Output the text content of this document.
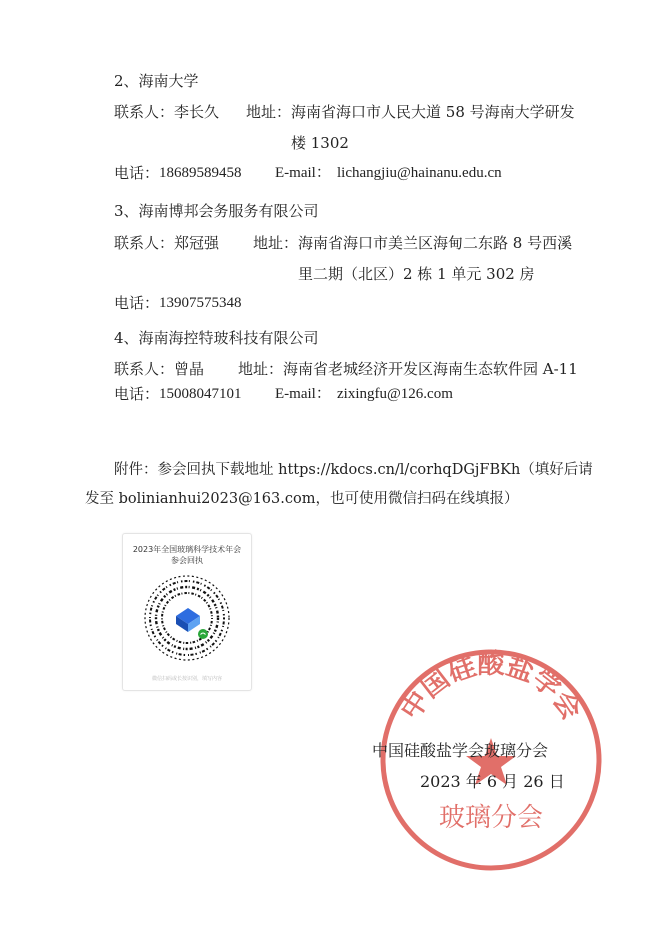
2、海南大学
联系人： 李长久 地址： 海南省海口市人民大道 58 号海南大学研发
楼 1302
电话： 18689589458 E-mail： lichangjiu@hainanu.edu.cn
3、海南博邦会务服务有限公司
联系人： 郑冠强 地址： 海南省海口市美兰区海甸二东路 8 号西溪
里二期（北区）2 栋 1 单元 302 房
电话： 13907575348
4、海南海控特玻科技有限公司
联系人： 曾晶 地址： 海南省老城经济开发区海南生态软件园 A-11
电话： 15008047101 E-mail： zixingfu@126.com
附件：参会回执下载地址 https://kdocs.cn/l/corhqDGjFBKh（填好后请
发至 bolinianhui2023@163.com，也可使用微信扫码在线填报）
2023年全国玻璃科学技术年会参会回执
微信扫码或长按识别，填写内容
中国硅酸盐学会
玻璃分会
中国硅酸盐学会玻璃分会
2023 年 6 月 26 日
